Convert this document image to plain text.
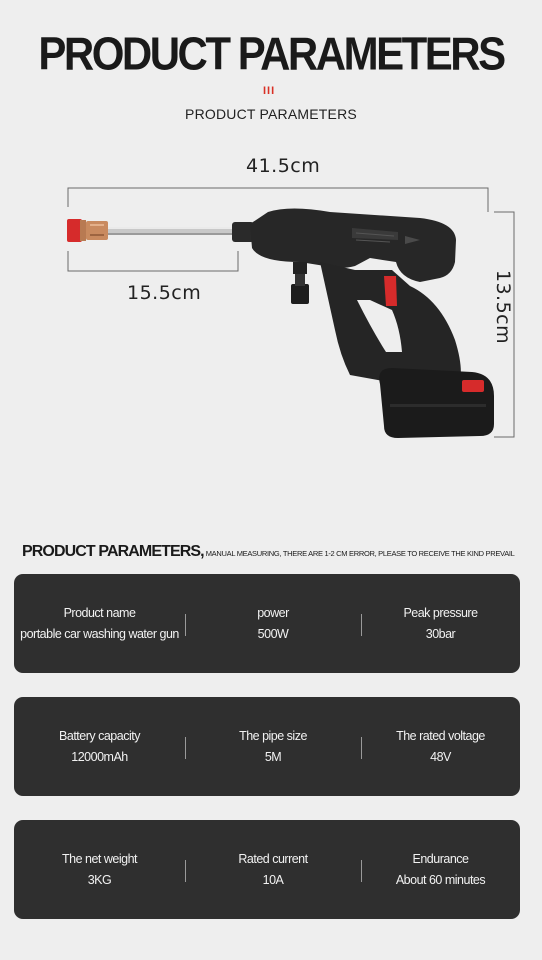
PRODUCT PARAMETERS
III
PRODUCT PARAMETERS
41.5cm
15.5cm	13.5cm
PRODUCT PARAMETERS, MANUAL MEASURING, THERE ARE 1-2 CM ERROR, PLEASE TO RECEIVE THE KIND PREVAIL
Product name
portable car washing water gun
power
500W
Peak pressure
30bar
Battery capacity
12000mAh
The pipe size
5M
The rated voltage
48V
The net weight
3KG
Rated current
10A
Endurance
About 60 minutes
